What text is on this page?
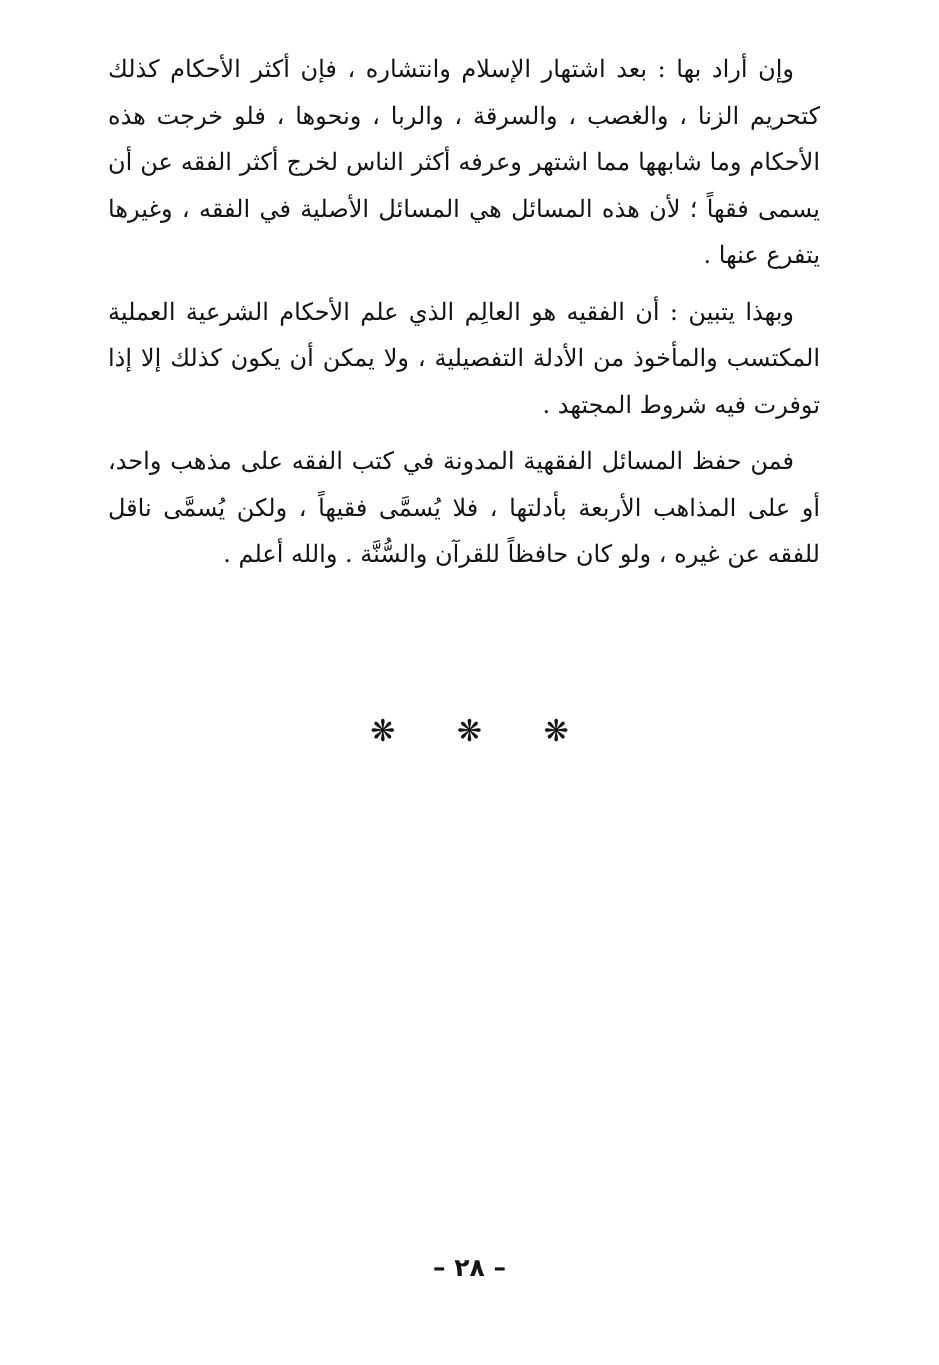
وإن أراد بها : بعد اشتهار الإسلام وانتشاره ، فإن أكثر الأحكام كذلك كتحريم الزنا ، والغصب ، والسرقة ، والربا ، ونحوها ، فلو خرجت هذه الأحكام وما شابهها مما اشتهر وعرفه أكثر الناس لخرج أكثر الفقه عن أن يسمى فقهاً ؛ لأن هذه المسائل هي المسائل الأصلية في الفقه ، وغيرها يتفرع عنها .

وبهذا يتبين : أن الفقيه هو العالِم الذي علم الأحكام الشرعية العملية المكتسب والمأخوذ من الأدلة التفصيلية ، ولا يمكن أن يكون كذلك إلا إذا توفرت فيه شروط المجتهد .

فمن حفظ المسائل الفقهية المدونة في كتب الفقه على مذهب واحد، أو على المذاهب الأربعة بأدلتها ، فلا يُسمَّى فقيهاً ، ولكن يُسمَّى ناقل للفقه عن غيره ، ولو كان حافظاً للقرآن والسُّنَّة . والله أعلم .

❋ ❋ ❋
– ٢٨ –
